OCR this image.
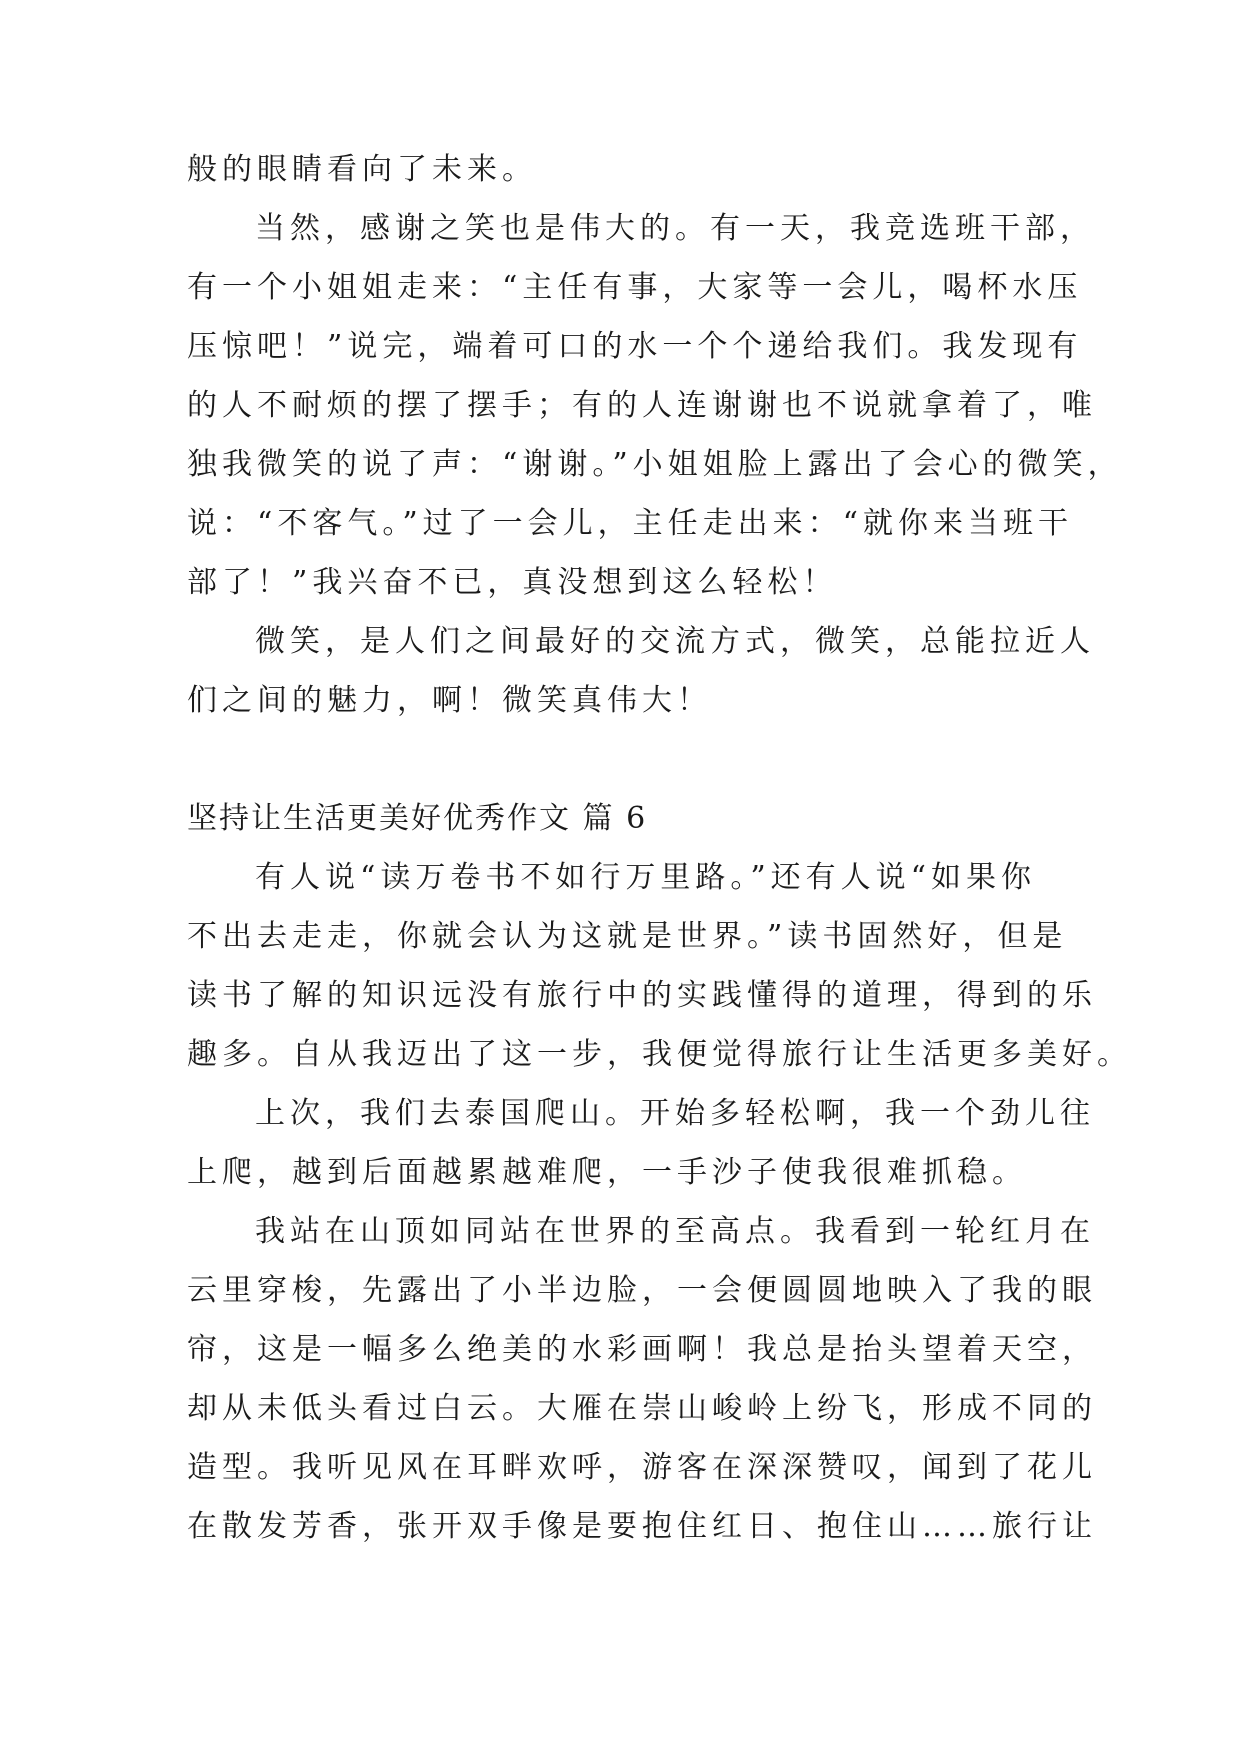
般的眼睛看向了未来。
当然，感谢之笑也是伟大的。有一天，我竞选班干部，
有一个小姐姐走来：“主任有事，大家等一会儿，喝杯水压
压惊吧！”说完，端着可口的水一个个递给我们。我发现有
的人不耐烦的摆了摆手；有的人连谢谢也不说就拿着了，唯
独我微笑的说了声：“谢谢。”小姐姐脸上露出了会心的微笑，
说：“不客气。”过了一会儿，主任走出来：“就你来当班干
部了！”我兴奋不已，真没想到这么轻松！
微笑，是人们之间最好的交流方式，微笑，总能拉近人
们之间的魅力，啊！微笑真伟大！
坚持让生活更美好优秀作文 篇 6
有人说“读万卷书不如行万里路。”还有人说“如果你
不出去走走，你就会认为这就是世界。”读书固然好，但是
读书了解的知识远没有旅行中的实践懂得的道理，得到的乐
趣多。自从我迈出了这一步，我便觉得旅行让生活更多美好。
上次，我们去泰国爬山。开始多轻松啊，我一个劲儿往
上爬，越到后面越累越难爬，一手沙子使我很难抓稳。
我站在山顶如同站在世界的至高点。我看到一轮红月在
云里穿梭，先露出了小半边脸，一会便圆圆地映入了我的眼
帘，这是一幅多么绝美的水彩画啊！我总是抬头望着天空，
却从未低头看过白云。大雁在崇山峻岭上纷飞，形成不同的
造型。我听见风在耳畔欢呼，游客在深深赞叹，闻到了花儿
在散发芳香，张开双手像是要抱住红日、抱住山……旅行让
